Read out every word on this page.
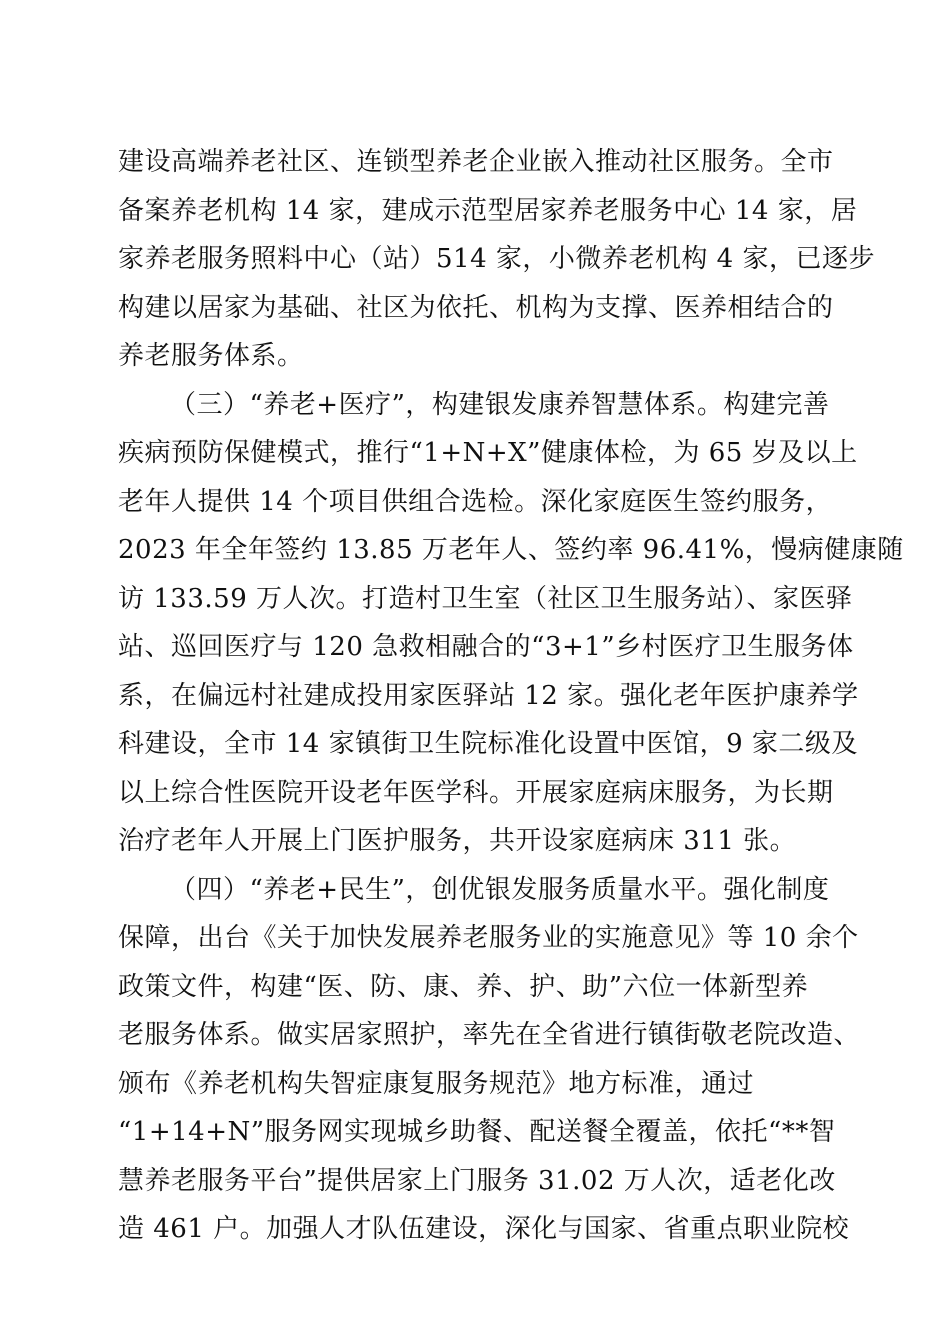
建设高端养老社区、连锁型养老企业嵌入推动社区服务。全市
备案养老机构 14 家，建成示范型居家养老服务中心 14 家，居
家养老服务照料中心（站）514 家，小微养老机构 4 家，已逐步
构建以居家为基础、社区为依托、机构为支撑、医养相结合的
养老服务体系。
（三）“养老+医疗”，构建银发康养智慧体系。构建完善
疾病预防保健模式，推行“1+N+X”健康体检，为 65 岁及以上
老年人提供 14 个项目供组合选检。深化家庭医生签约服务，
2023 年全年签约 13.85 万老年人、签约率 96.41%，慢病健康随
访 133.59 万人次。打造村卫生室（社区卫生服务站）、家医驿
站、巡回医疗与 120 急救相融合的“3+1”乡村医疗卫生服务体
系，在偏远村社建成投用家医驿站 12 家。强化老年医护康养学
科建设，全市 14 家镇街卫生院标准化设置中医馆，9 家二级及
以上综合性医院开设老年医学科。开展家庭病床服务，为长期
治疗老年人开展上门医护服务，共开设家庭病床 311 张。
（四）“养老+民生”，创优银发服务质量水平。强化制度
保障，出台《关于加快发展养老服务业的实施意见》等 10 余个
政策文件，构建“医、防、康、养、护、助”六位一体新型养
老服务体系。做实居家照护，率先在全省进行镇街敬老院改造、
颁布《养老机构失智症康复服务规范》地方标准，通过
“1+14+N”服务网实现城乡助餐、配送餐全覆盖，依托“**智
慧养老服务平台”提供居家上门服务 31.02 万人次，适老化改
造 461 户。加强人才队伍建设，深化与国家、省重点职业院校
